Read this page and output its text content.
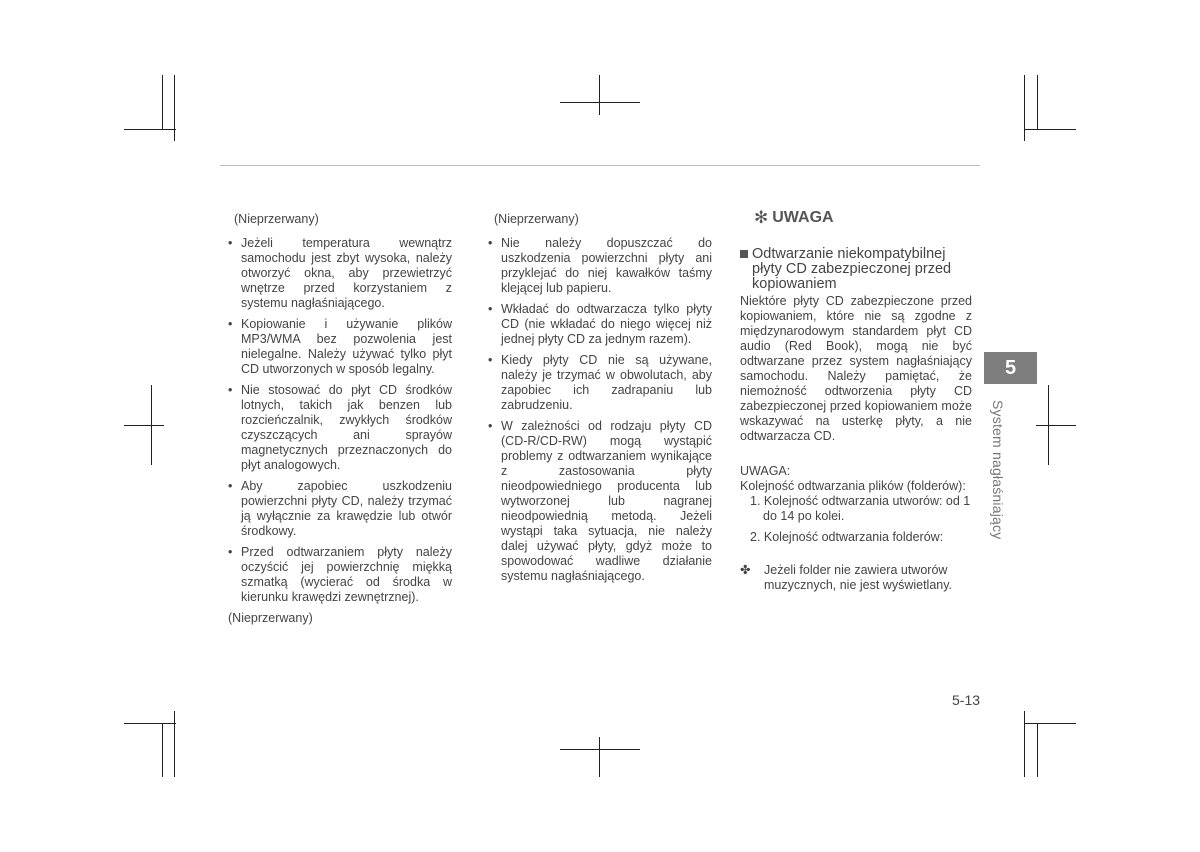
(Nieprzerwany)

• Jeżeli temperatura wewnątrz samochodu jest zbyt wysoka, należy otworzyć okna, aby przewietrzyć wnętrze przed korzystaniem z systemu nagłaśniającego.
• Kopiowanie i używanie plików MP3/WMA bez pozwolenia jest nielegalne. Należy używać tylko płyt CD utworzonych w sposób legalny.
• Nie stosować do płyt CD środków lotnych, takich jak benzen lub rozcieńczalnik, zwykłych środków czyszczących ani sprayów magnetycznych przeznaczonych do płyt analogowych.
• Aby zapobiec uszkodzeniu powierzchni płyty CD, należy trzymać ją wyłącznie za krawędzie lub otwór środkowy.
• Przed odtwarzaniem płyty należy oczyścić jej powierzchnię miękką szmatką (wycierać od środka w kierunku krawędzi zewnętrznej).

(Nieprzerwany)

(Nieprzerwany)

• Nie należy dopuszczać do uszkodzenia powierzchni płyty ani przyklejać do niej kawałków taśmy klejącej lub papieru.
• Wkładać do odtwarzacza tylko płyty CD (nie wkładać do niego więcej niż jednej płyty CD za jednym razem).
• Kiedy płyty CD nie są używane, należy je trzymać w obwolutach, aby zapobiec ich zadrapaniu lub zabrudzeniu.
• W zależności od rodzaju płyty CD (CD-R/CD-RW) mogą wystąpić problemy z odtwarzaniem wynikające z zastosowania płyty nieodpowiedniego producenta lub wytworzonej lub nagranej nieodpowiednią metodą. Jeżeli wystąpi taka sytuacja, nie należy dalej używać płyty, gdyż może to spowodować wadliwe działanie systemu nagłaśniającego.
✻ UWAGA
Odtwarzanie niekompatybilnej płyty CD zabezpieczonej przed kopiowaniem

Niektóre płyty CD zabezpieczone przed kopiowaniem, które nie są zgodne z międzynarodowym standardem płyt CD audio (Red Book), mogą nie być odtwarzane przez system nagłaśniający samochodu. Należy pamiętać, że niemożność odtworzenia płyty CD zabezpieczonej przed kopiowaniem może wskazywać na usterkę płyty, a nie odtwarzacza CD.

UWAGA:

Kolejność odtwarzania plików (folderów):

1. Kolejność odtwarzania utworów: od 1 do 14 po kolei.
2. Kolejność odtwarzania folderów:
✤ Jeżeli folder nie zawiera utworów muzycznych, nie jest wyświetlany.
5
System nagłaśniający
5-13
